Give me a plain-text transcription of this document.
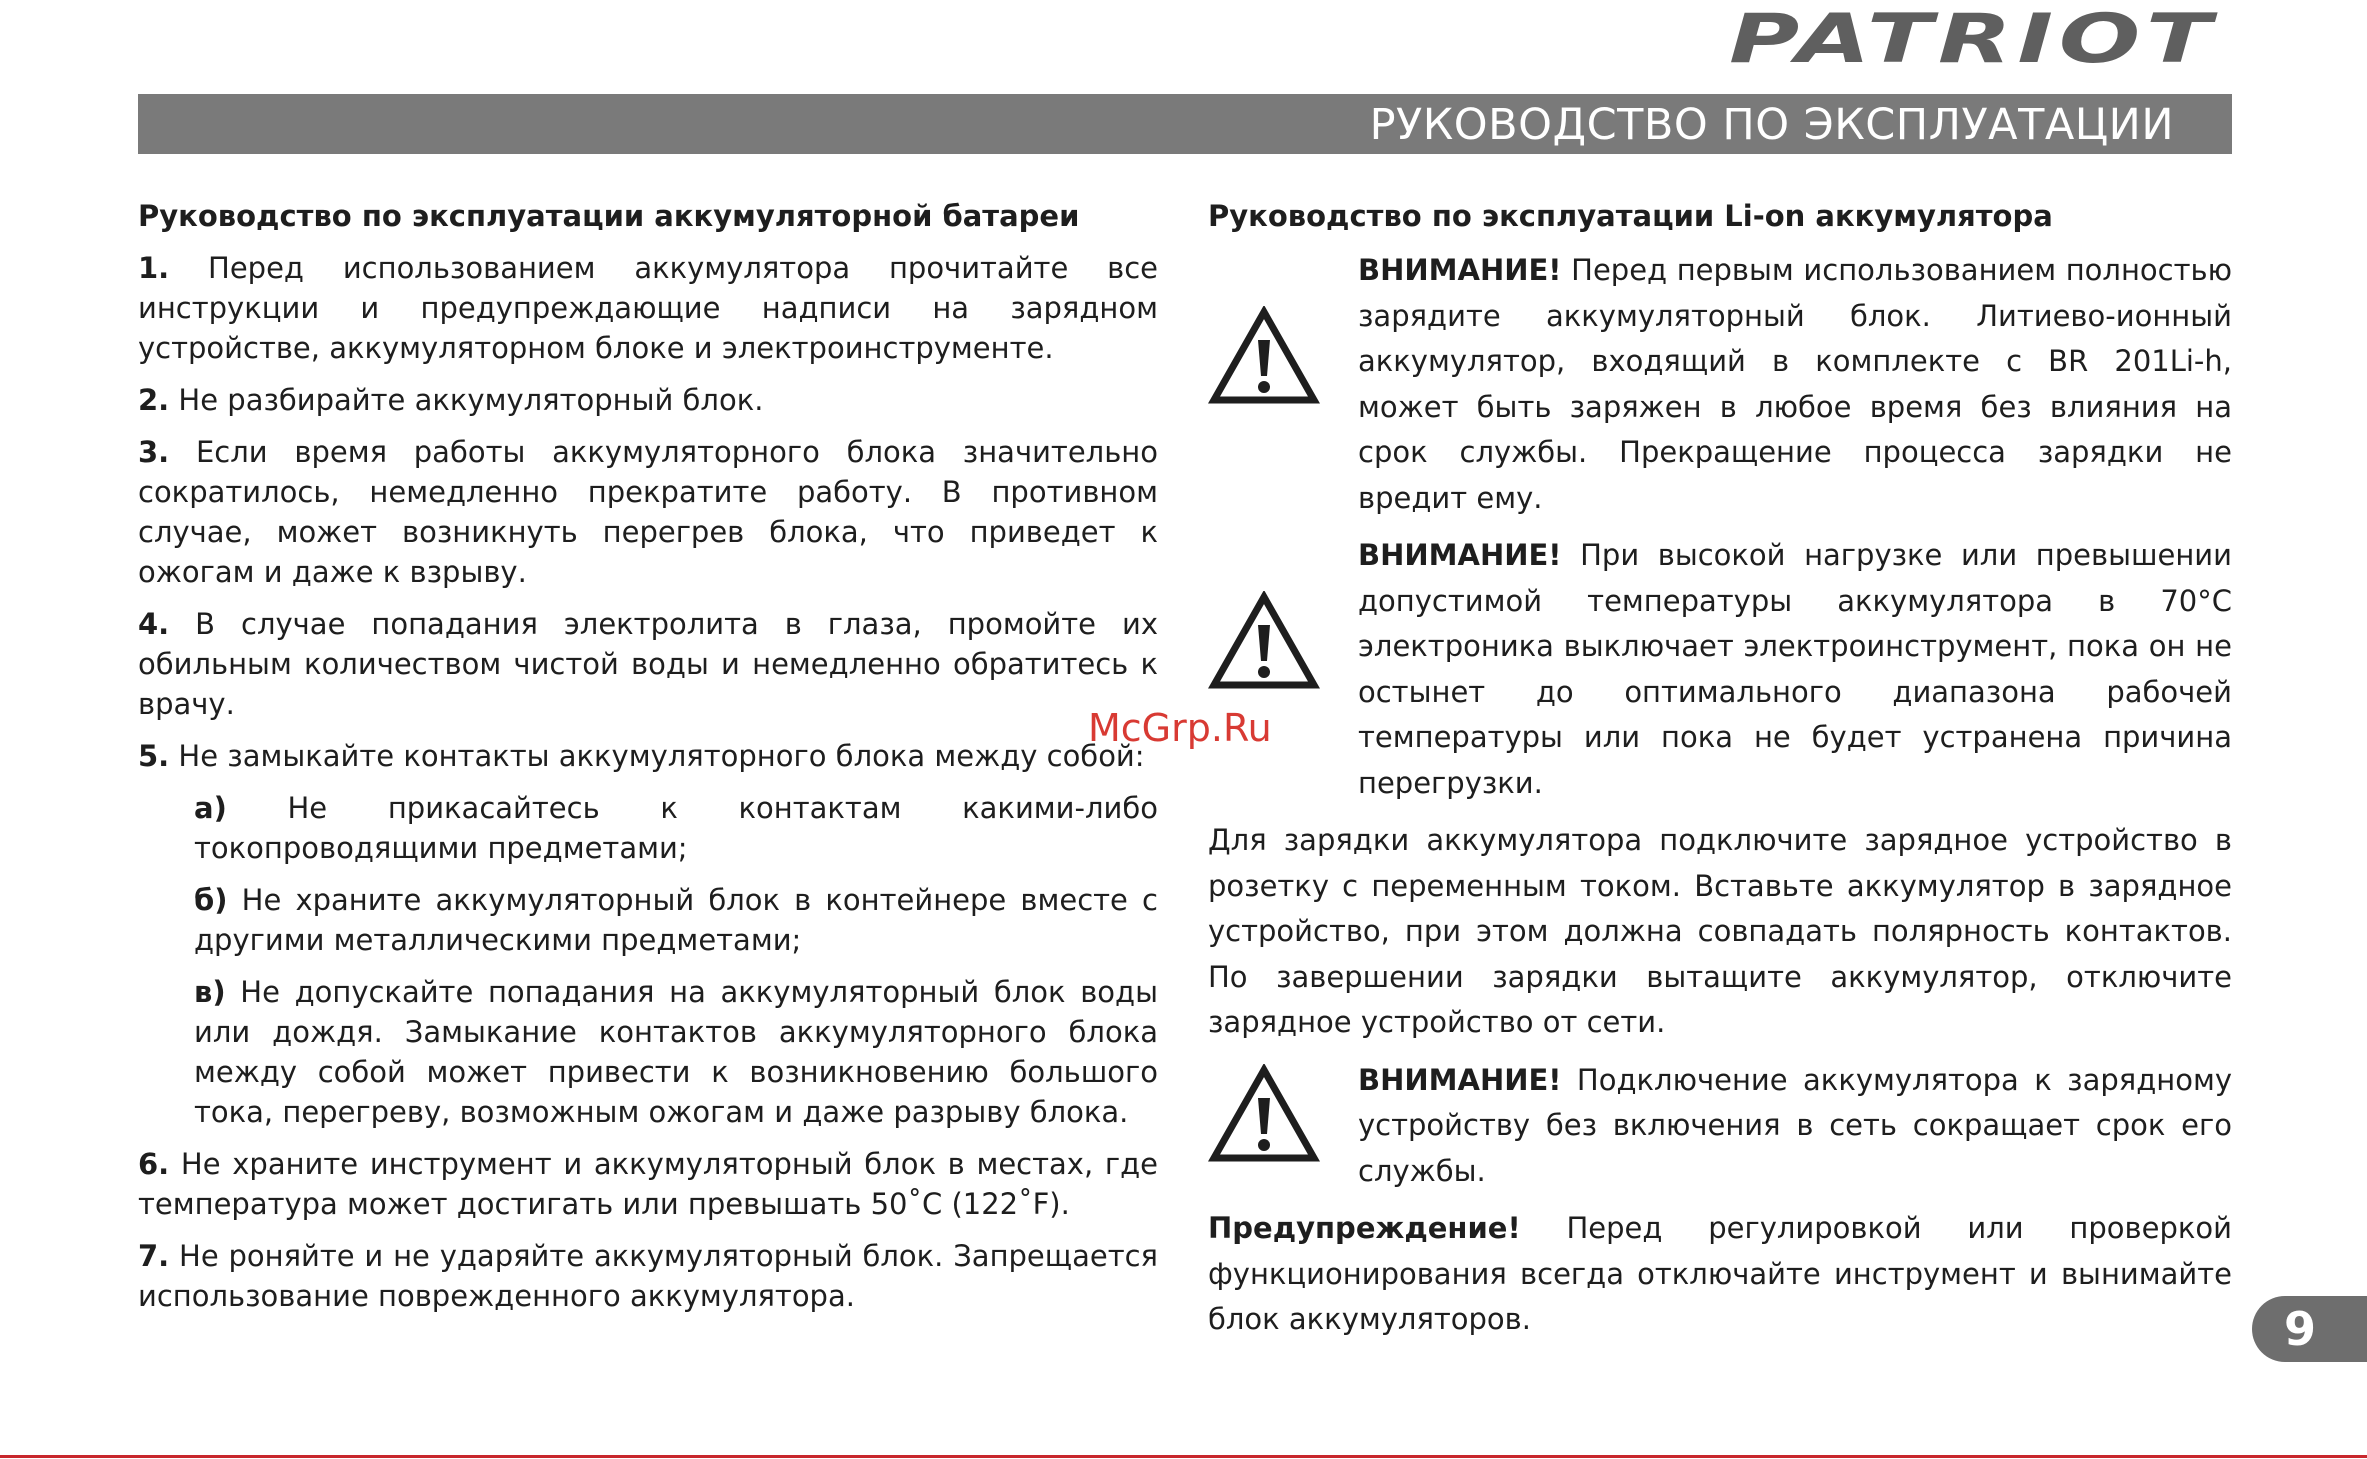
PATRIOT
РУКОВОДСТВО ПО ЭКСПЛУАТАЦИИ
Руководство по эксплуатации аккумуляторной батареи

1. Перед использованием аккумулятора прочитайте все инструкции и предупреждающие надписи на зарядном устройстве, аккумуляторном блоке и электроинструменте.

2. Не разбирайте аккумуляторный блок.

3. Если время работы аккумуляторного блока значительно сократилось, немедленно прекратите работу. В противном случае, может возникнуть перегрев блока, что приведет к ожогам и даже к взрыву.

4. В случае попадания электролита в глаза, промойте их обильным количеством чистой воды и немедленно обратитесь к врачу.

5. Не замыкайте контакты аккумуляторного блока между собой:

а) Не прикасайтесь к контактам какими-либо токопроводящими предметами;

б) Не храните аккумуляторный блок в контейнере вместе с другими металлическими предметами;

в) Не допускайте попадания на аккумуляторный блок воды или дождя. Замыкание контактов аккумуляторного блока между собой может привести к возникновению большого тока, перегреву, возможным ожогам и даже разрыву блока.

6. Не храните инструмент и аккумуляторный блок в местах, где температура может достигать или превышать 50˚С (122˚F).

7. Не роняйте и не ударяйте аккумуляторный блок. Запрещается использование поврежденного аккумулятора.

Руководство по эксплуатации Li-on аккумулятора

ВНИМАНИЕ! Перед первым использованием полностью зарядите аккумуляторный блок. Литиево-ионный аккумулятор, входящий в комплекте с BR 201Li-h, может быть заряжен в любое время без влияния на срок службы. Прекращение процесса зарядки не вредит ему.

ВНИМАНИЕ! При высокой нагрузке или превышении допустимой температуры аккумулятора в 70°С электроника выключает электроинструмент, пока он не остынет до оптимального диапазона рабочей температуры или пока не будет устранена причина перегрузки.

Для зарядки аккумулятора подключите зарядное устройство в розетку с переменным током. Вставьте аккумулятор в зарядное устройство, при этом должна совпадать полярность контактов. По завершении зарядки вытащите аккумулятор, отключите зарядное устройство от сети.

ВНИМАНИЕ! Подключение аккумулятора к зарядному устройству без включения в сеть сокращает срок его службы.

Предупреждение! Перед регулировкой или проверкой функционирования всегда отключайте инструмент и вынимайте блок аккумуляторов.

McGrp.Ru
9
